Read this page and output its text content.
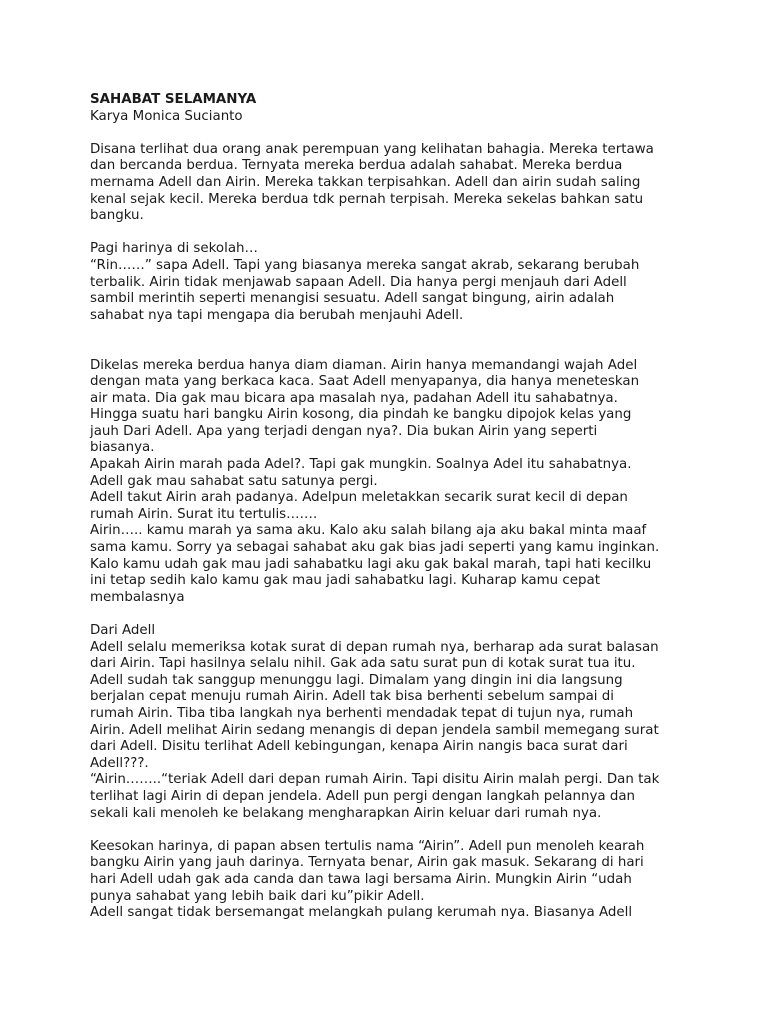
SAHABAT SELAMANYA
Karya Monica Sucianto
Disana terlihat dua orang anak perempuan yang kelihatan bahagia. Mereka tertawa
dan bercanda berdua. Ternyata mereka berdua adalah sahabat. Mereka berdua
mernama Adell dan Airin. Mereka takkan terpisahkan. Adell dan airin sudah saling
kenal sejak kecil. Mereka berdua tdk pernah terpisah. Mereka sekelas bahkan satu
bangku.
Pagi harinya di sekolah…
“Rin……” sapa Adell. Tapi yang biasanya mereka sangat akrab, sekarang berubah
terbalik. Airin tidak menjawab sapaan Adell. Dia hanya pergi menjauh dari Adell
sambil merintih seperti menangisi sesuatu. Adell sangat bingung, airin adalah
sahabat nya tapi mengapa dia berubah menjauhi Adell.
Dikelas mereka berdua hanya diam diaman. Airin hanya memandangi wajah Adel
dengan mata yang berkaca kaca. Saat Adell menyapanya, dia hanya meneteskan
air mata. Dia gak mau bicara apa masalah nya, padahan Adell itu sahabatnya.
Hingga suatu hari bangku Airin kosong, dia pindah ke bangku dipojok kelas yang
jauh Dari Adell. Apa yang terjadi dengan nya?. Dia bukan Airin yang seperti
biasanya.
Apakah Airin marah pada Adel?. Tapi gak mungkin. Soalnya Adel itu sahabatnya.
Adell gak mau sahabat satu satunya pergi.
Adell takut Airin arah padanya. Adelpun meletakkan secarik surat kecil di depan
rumah Airin. Surat itu tertulis…….
Airin….. kamu marah ya sama aku. Kalo aku salah bilang aja aku bakal minta maaf
sama kamu. Sorry ya sebagai sahabat aku gak bias jadi seperti yang kamu inginkan.
Kalo kamu udah gak mau jadi sahabatku lagi aku gak bakal marah, tapi hati kecilku
ini tetap sedih kalo kamu gak mau jadi sahabatku lagi. Kuharap kamu cepat
membalasnya
Dari Adell
Adell selalu memeriksa kotak surat di depan rumah nya, berharap ada surat balasan
dari Airin. Tapi hasilnya selalu nihil. Gak ada satu surat pun di kotak surat tua itu.
Adell sudah tak sanggup menunggu lagi. Dimalam yang dingin ini dia langsung
berjalan cepat menuju rumah Airin. Adell tak bisa berhenti sebelum sampai di
rumah Airin. Tiba tiba langkah nya berhenti mendadak tepat di tujun nya, rumah
Airin. Adell melihat Airin sedang menangis di depan jendela sambil memegang surat
dari Adell. Disitu terlihat Adell kebingungan, kenapa Airin nangis baca surat dari
Adell???.
“Airin……..“teriak Adell dari depan rumah Airin. Tapi disitu Airin malah pergi. Dan tak
terlihat lagi Airin di depan jendela. Adell pun pergi dengan langkah pelannya dan
sekali kali menoleh ke belakang mengharapkan Airin keluar dari rumah nya.
Keesokan harinya, di papan absen tertulis nama “Airin”. Adell pun menoleh kearah
bangku Airin yang jauh darinya. Ternyata benar, Airin gak masuk. Sekarang di hari
hari Adell udah gak ada canda dan tawa lagi bersama Airin. Mungkin Airin “udah
punya sahabat yang lebih baik dari ku”pikir Adell.
Adell sangat tidak bersemangat melangkah pulang kerumah nya. Biasanya Adell
